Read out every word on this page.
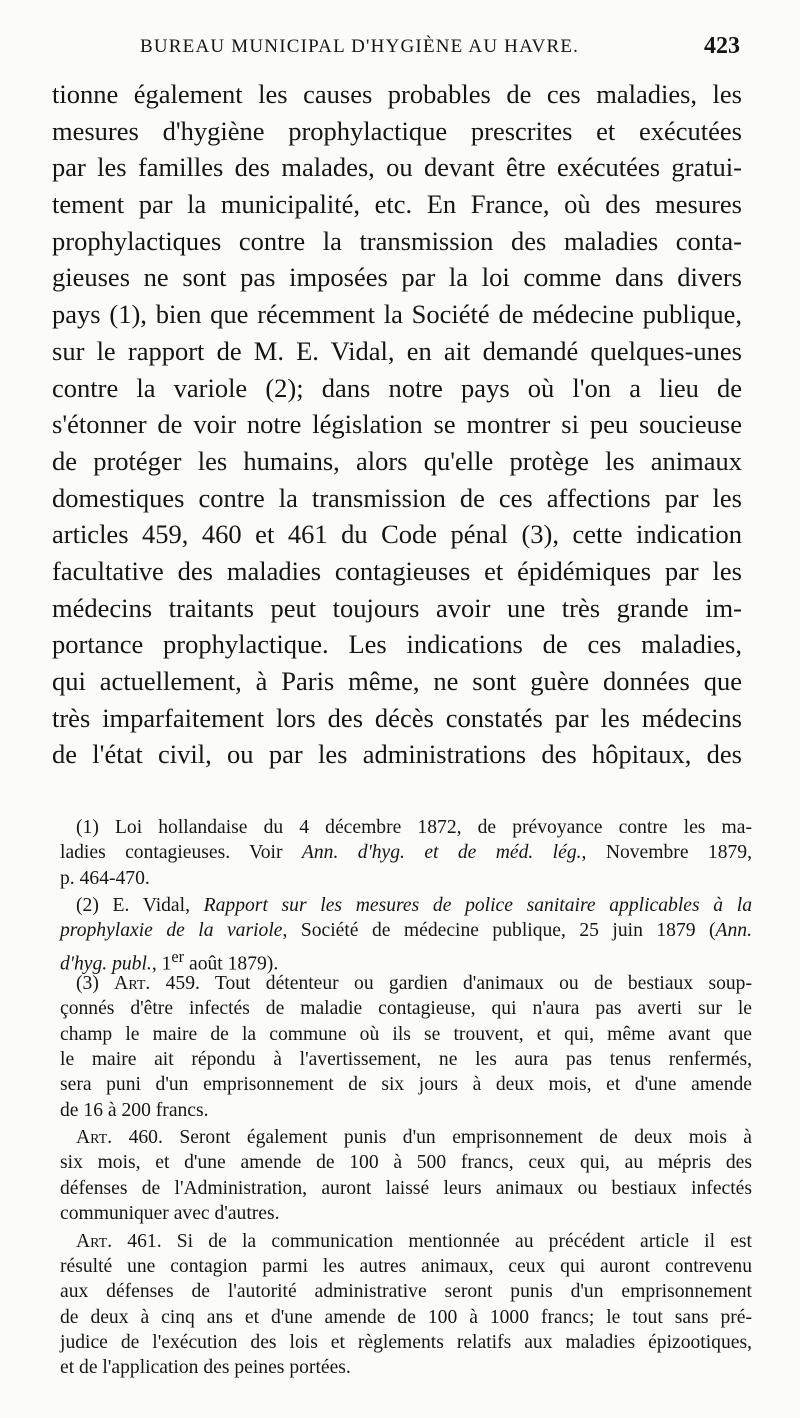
BUREAU MUNICIPAL D'HYGIÈNE AU HAVRE.	423
tionne également les causes probables de ces maladies, les
mesures d'hygiène prophylactique prescrites et exécutées
par les familles des malades, ou devant être exécutées gratui-
tement par la municipalité, etc. En France, où des mesures
prophylactiques contre la transmission des maladies conta-
gieuses ne sont pas imposées par la loi comme dans divers
pays (1), bien que récemment la Société de médecine publique,
sur le rapport de M. E. Vidal, en ait demandé quelques-unes
contre la variole (2); dans notre pays où l'on a lieu de
s'étonner de voir notre législation se montrer si peu soucieuse
de protéger les humains, alors qu'elle protège les animaux
domestiques contre la transmission de ces affections par les
articles 459, 460 et 461 du Code pénal (3), cette indication
facultative des maladies contagieuses et épidémiques par les
médecins traitants peut toujours avoir une très grande im-
portance prophylactique. Les indications de ces maladies,
qui actuellement, à Paris même, ne sont guère données que
très imparfaitement lors des décès constatés par les médecins
de l'état civil, ou par les administrations des hôpitaux, des
(1) Loi hollandaise du 4 décembre 1872, de prévoyance contre les ma-
ladies contagieuses. Voir Ann. d'hyg. et de méd. lég., Novembre 1879,
p. 464-470.
(2) E. Vidal, Rapport sur les mesures de police sanitaire applicables à la
prophylaxie de la variole, Société de médecine publique, 25 juin 1879 (Ann.
d'hyg. publ., 1er août 1879).
(3) Art. 459. Tout détenteur ou gardien d'animaux ou de bestiaux soup-
çonnés d'être infectés de maladie contagieuse, qui n'aura pas averti sur le
champ le maire de la commune où ils se trouvent, et qui, même avant que
le maire ait répondu à l'avertissement, ne les aura pas tenus renfermés,
sera puni d'un emprisonnement de six jours à deux mois, et d'une amende
de 16 à 200 francs.
Art. 460. Seront également punis d'un emprisonnement de deux mois à
six mois, et d'une amende de 100 à 500 francs, ceux qui, au mépris des
défenses de l'Administration, auront laissé leurs animaux ou bestiaux infectés
communiquer avec d'autres.
Art. 461. Si de la communication mentionnée au précédent article il est
résulté une contagion parmi les autres animaux, ceux qui auront contrevenu
aux défenses de l'autorité administrative seront punis d'un emprisonnement
de deux à cinq ans et d'une amende de 100 à 1000 francs; le tout sans pré-
judice de l'exécution des lois et règlements relatifs aux maladies épizootiques,
et de l'application des peines portées.
